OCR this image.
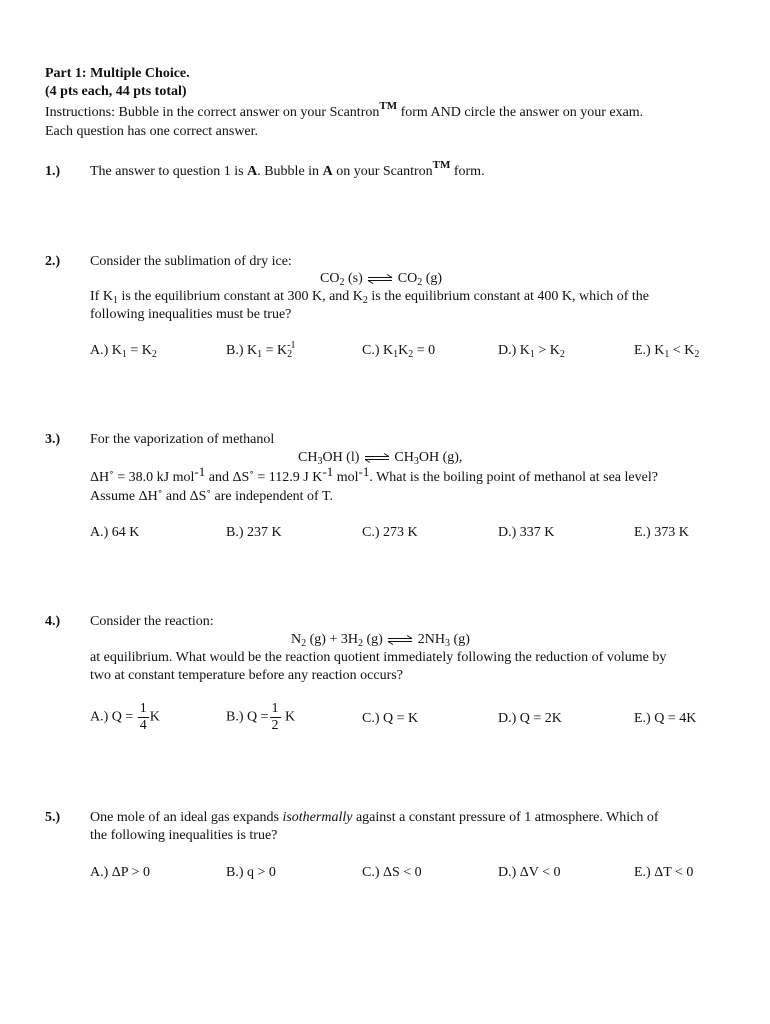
Part 1: Multiple Choice.
(4 pts each, 44 pts total)
Instructions: Bubble in the correct answer on your Scantron™ form AND circle the answer on your exam.
Each question has one correct answer.
1.) The answer to question 1 is A. Bubble in A on your Scantron™ form.
2.) Consider the sublimation of dry ice:
$CO_2$ (s) ⇌ $CO_2$ (g)
If $K_1$ is the equilibrium constant at 300 K, and $K_2$ is the equilibrium constant at 400 K, which of the
following inequalities must be true?
A.) $K_1 = K_2$	B.) $K_1 = K_2^{-1}$	C.) $K_1K_2 = 0$	D.) $K_1 > K_2$	E.) $K_1 < K_2$
3.) For the vaporization of methanol
$CH_3OH$ (l) ⇌ $CH_3OH$ (g),
ΔH˚ = 38.0 kJ mol$^{-1}$ and ΔS˚ = 112.9 J $K^{-1}$ mol$^{-1}$. What is the boiling point of methanol at sea level?
Assume ΔH˚ and ΔS˚ are independent of T.
A.) 64 K	B.) 237 K	C.) 273 K	D.) 337 K	E.) 373 K
4.) Consider the reaction:
$N_2$ $(g) + 3H_2$ (g) ⇌ $2NH_3$ (g)
at equilibrium. What would be the reaction quotient immediately following the reduction of volume by
two at constant temperature before any reaction occurs?
A.) $Q = \frac{1}{4}$ K	B.) $Q = \frac{1}{2}$ K	C.) Q = K	D.) Q = 2K	E.) Q = 4K
5.) One mole of an ideal gas expands isothermally against a constant pressure of 1 atmosphere. Which of
the following inequalities is true?
A.) ΔP > 0	B.) q > 0	C.) ΔS < 0	D.) ΔV < 0	E.) ΔT < 0
